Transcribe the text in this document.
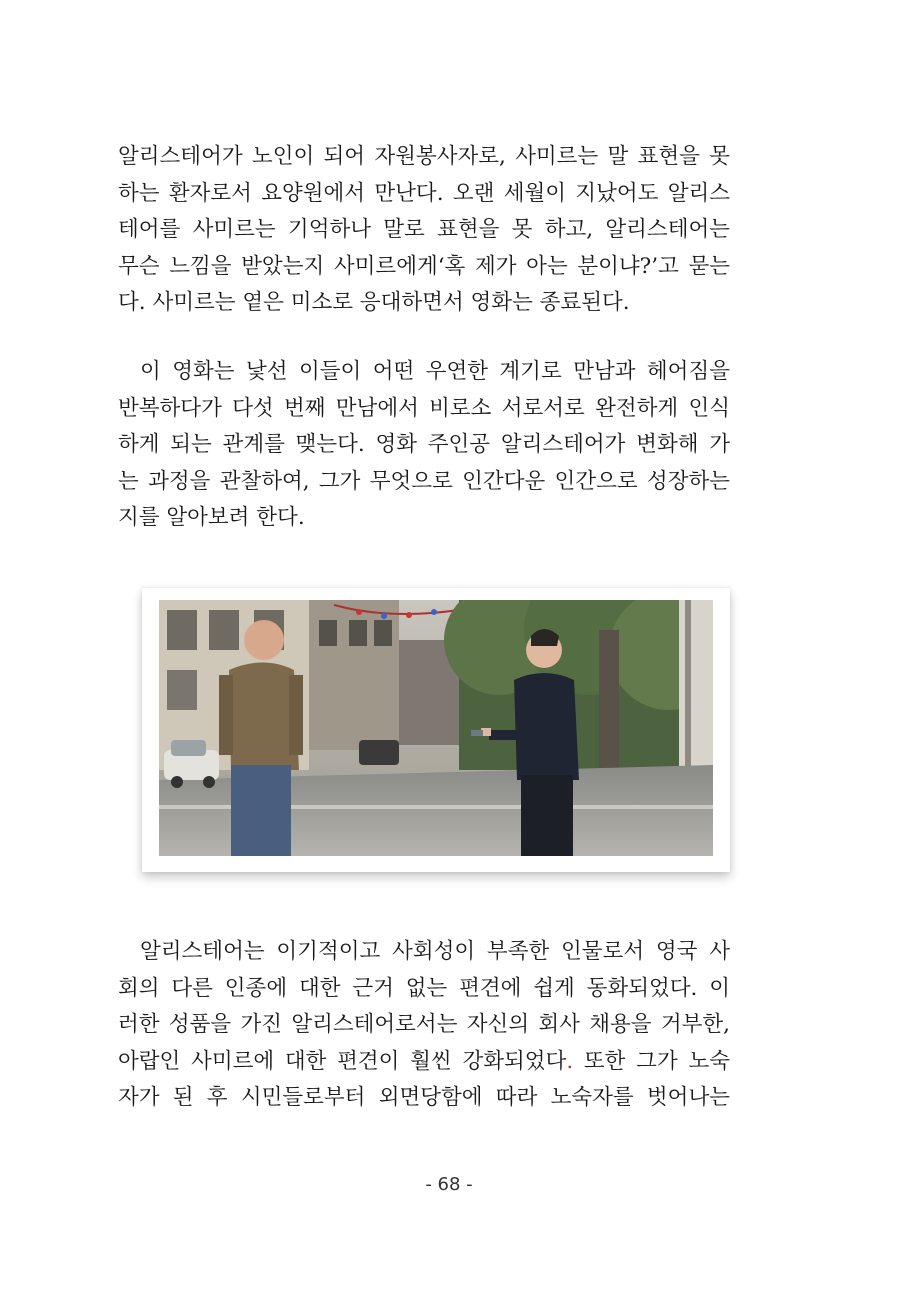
알리스테어가 노인이 되어 자원봉사자로, 사미르는 말 표현을 못
하는 환자로서 요양원에서 만난다. 오랜 세월이 지났어도 알리스
테어를 사미르는 기억하나 말로 표현을 못 하고, 알리스테어는
무슨 느낌을 받았는지 사미르에게‘혹 제가 아는 분이냐?’고 묻는
다. 사미르는 옅은 미소로 응대하면서 영화는 종료된다.
이 영화는 낯선 이들이 어떤 우연한 계기로 만남과 헤어짐을
반복하다가 다섯 번째 만남에서 비로소 서로서로 완전하게 인식
하게 되는 관계를 맺는다. 영화 주인공 알리스테어가 변화해 가
는 과정을 관찰하여, 그가 무엇으로 인간다운 인간으로 성장하는
지를 알아보려 한다.
알리스테어는 이기적이고 사회성이 부족한 인물로서 영국 사
회의 다른 인종에 대한 근거 없는 편견에 쉽게 동화되었다. 이
러한 성품을 가진 알리스테어로서는 자신의 회사 채용을 거부한,
아랍인 사미르에 대한 편견이 훨씬 강화되었다. 또한 그가 노숙
자가 된 후 시민들로부터 외면당함에 따라 노숙자를 벗어나는
- 68 -
